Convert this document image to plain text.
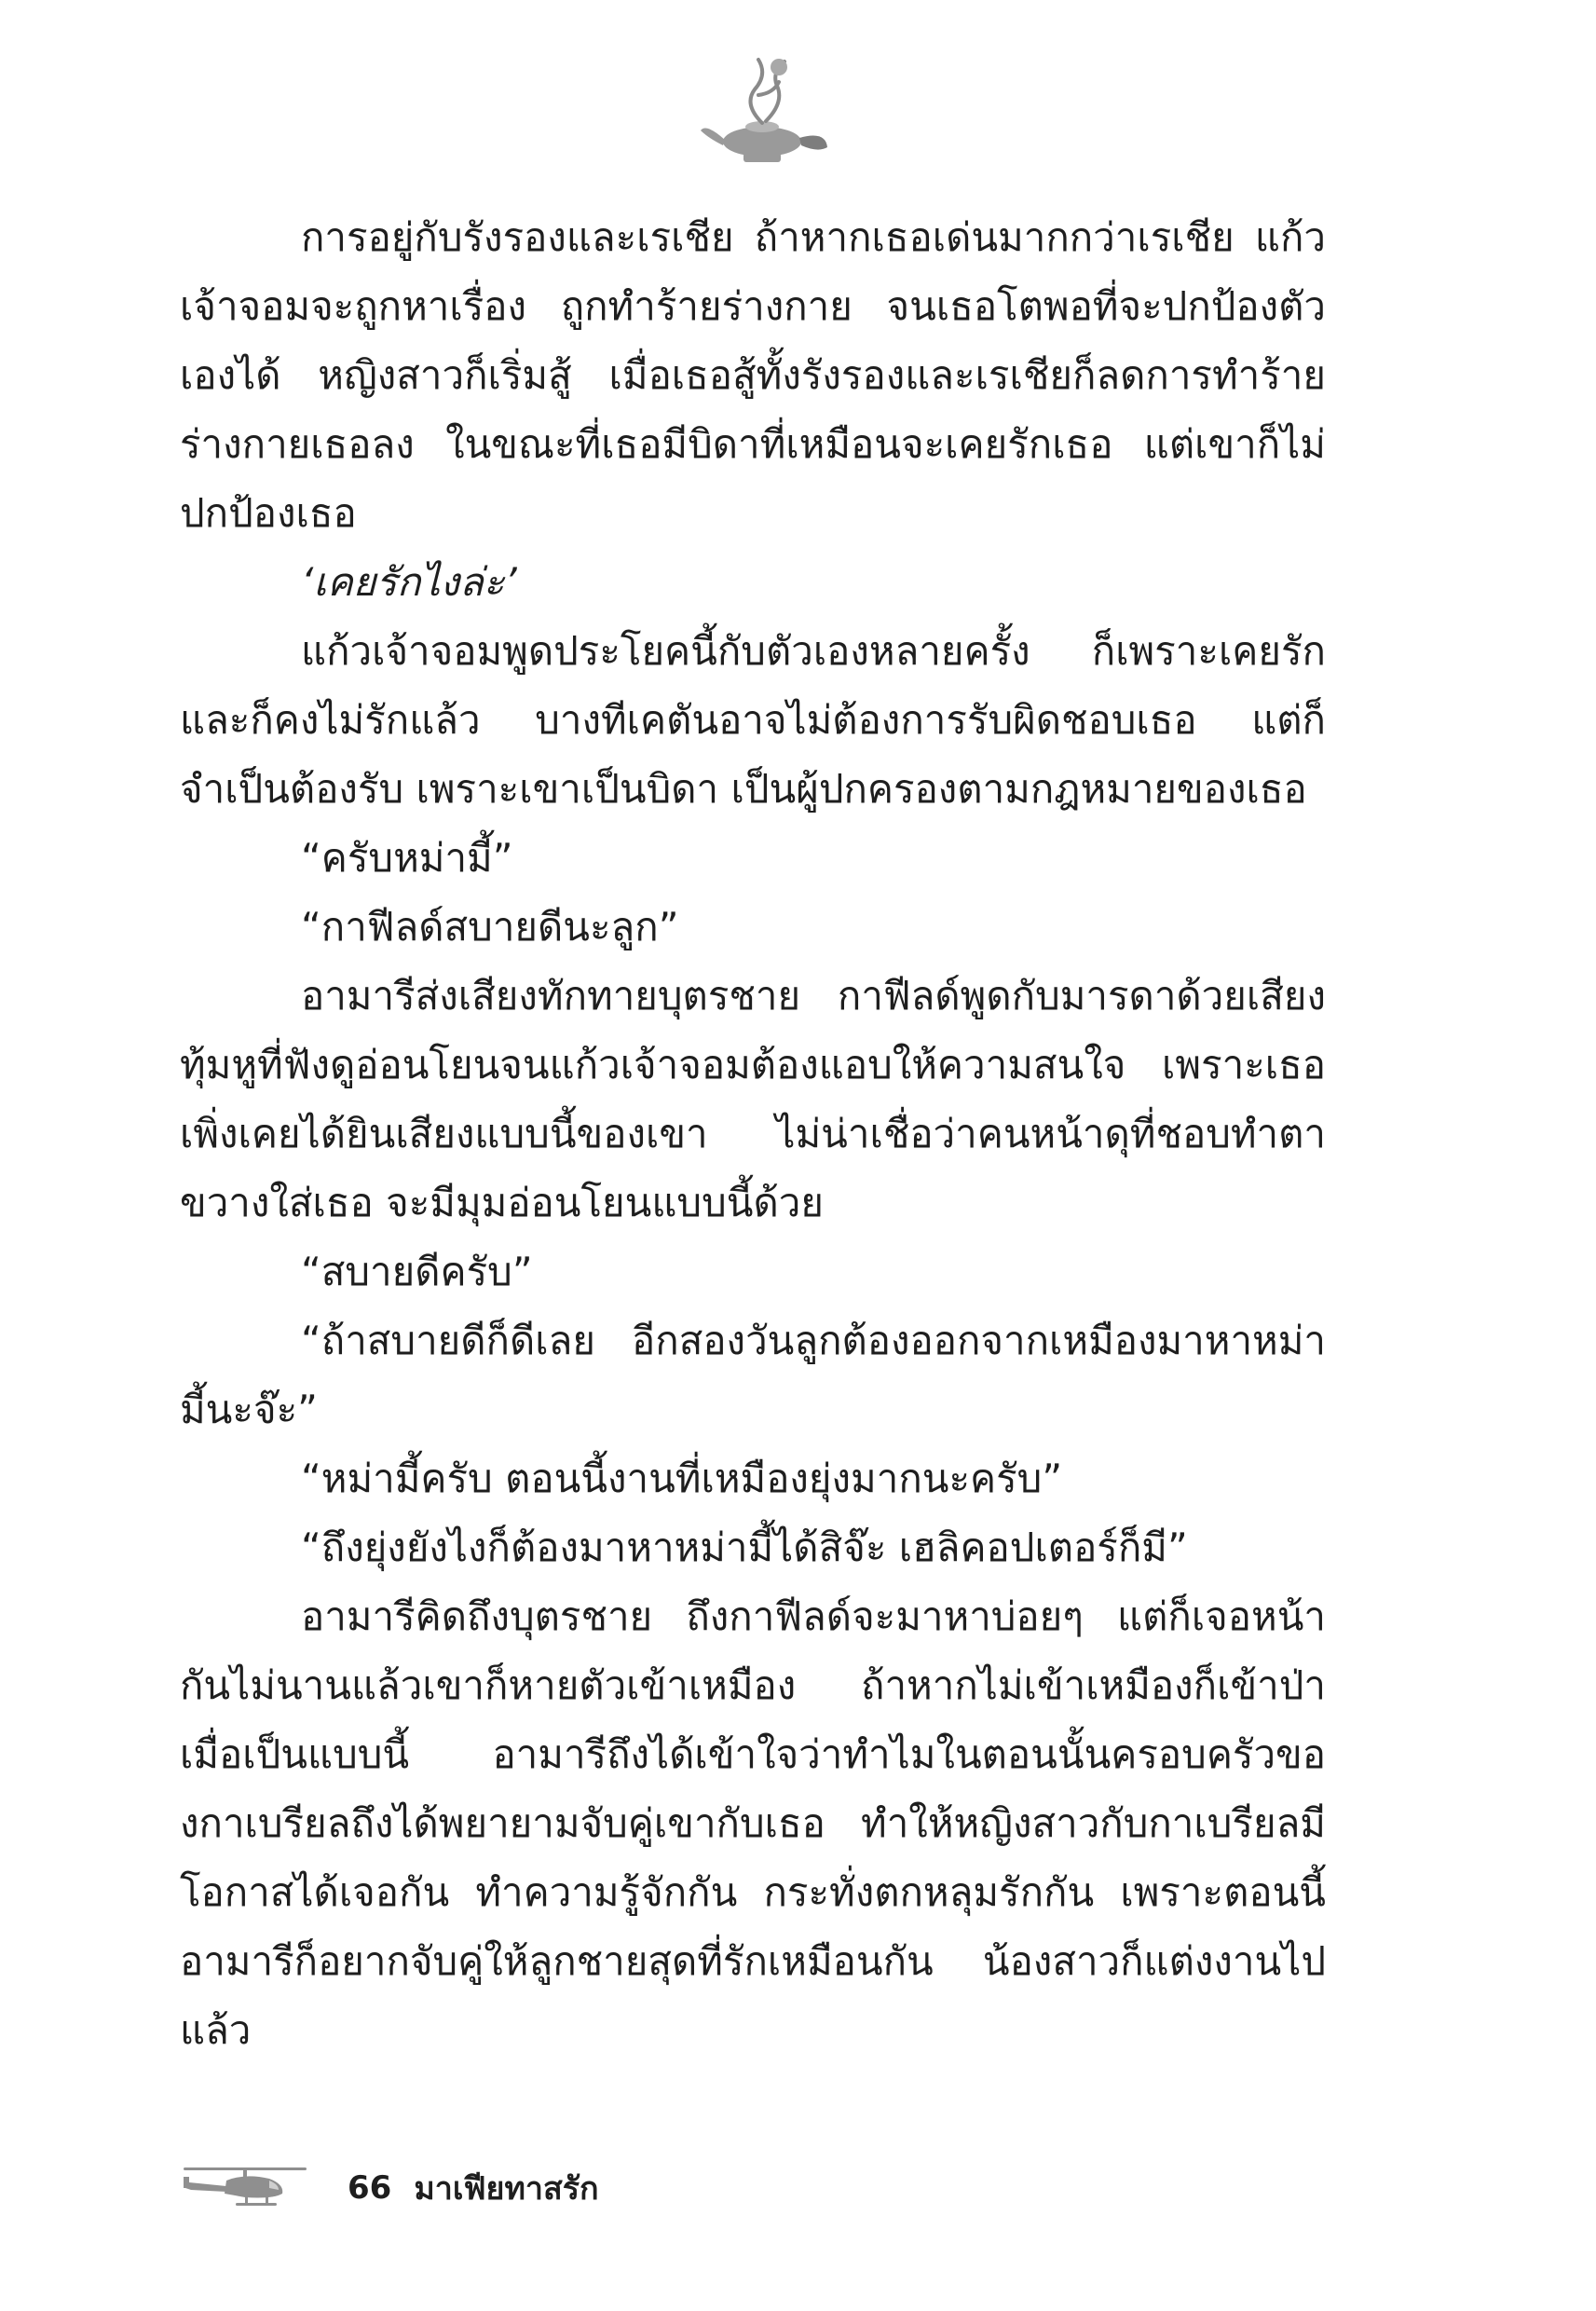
การอยู่กับรังรองและเรเชีย ถ้าหากเธอเด่นมากกว่าเรเชีย แก้วเจ้าจอมจะถูกหาเรื่อง ถูกทำร้ายร่างกาย จนเธอโตพอที่จะปกป้องตัวเองได้ หญิงสาวก็เริ่มสู้ เมื่อเธอสู้ทั้งรังรองและเรเชียก็ลดการทำร้ายร่างกายเธอลง ในขณะที่เธอมีบิดาที่เหมือนจะเคยรักเธอ แต่เขาก็ไม่ปกป้องเธอ

‘เคยรักไงล่ะ’

แก้วเจ้าจอมพูดประโยคนี้กับตัวเองหลายครั้ง ก็เพราะเคยรักและก็คงไม่รักแล้ว บางทีเคตันอาจไม่ต้องการรับผิดชอบเธอ แต่ก็จำเป็นต้องรับ เพราะเขาเป็นบิดา เป็นผู้ปกครองตามกฎหมายของเธอ

“ครับหม่ามี้”

“กาฟีลด์สบายดีนะลูก”

อามารีส่งเสียงทักทายบุตรชาย กาฟีลด์พูดกับมารดาด้วยเสียงทุ้มหูที่ฟังดูอ่อนโยนจนแก้วเจ้าจอมต้องแอบให้ความสนใจ เพราะเธอเพิ่งเคยได้ยินเสียงแบบนี้ของเขา ไม่น่าเชื่อว่าคนหน้าดุที่ชอบทำตาขวางใส่เธอ จะมีมุมอ่อนโยนแบบนี้ด้วย

“สบายดีครับ”

“ถ้าสบายดีก็ดีเลย อีกสองวันลูกต้องออกจากเหมืองมาหาหม่ามี้นะจ๊ะ”

“หม่ามี้ครับ ตอนนี้งานที่เหมืองยุ่งมากนะครับ”

“ถึงยุ่งยังไงก็ต้องมาหาหม่ามี้ได้สิจ๊ะ เฮลิคอปเตอร์ก็มี”

อามารีคิดถึงบุตรชาย ถึงกาฟีลด์จะมาหาบ่อยๆ แต่ก็เจอหน้ากันไม่นานแล้วเขาก็หายตัวเข้าเหมือง ถ้าหากไม่เข้าเหมืองก็เข้าป่า เมื่อเป็นแบบนี้ อามารีถึงได้เข้าใจว่าทำไมในตอนนั้นครอบครัวของกาเบรียลถึงได้พยายามจับคู่เขากับเธอ ทำให้หญิงสาวกับกาเบรียลมีโอกาสได้เจอกัน ทำความรู้จักกัน กระทั่งตกหลุมรักกัน เพราะตอนนี้อามารีก็อยากจับคู่ให้ลูกชายสุดที่รักเหมือนกัน น้องสาวก็แต่งงานไปแล้ว

66 มาเฟียทาสรัก
